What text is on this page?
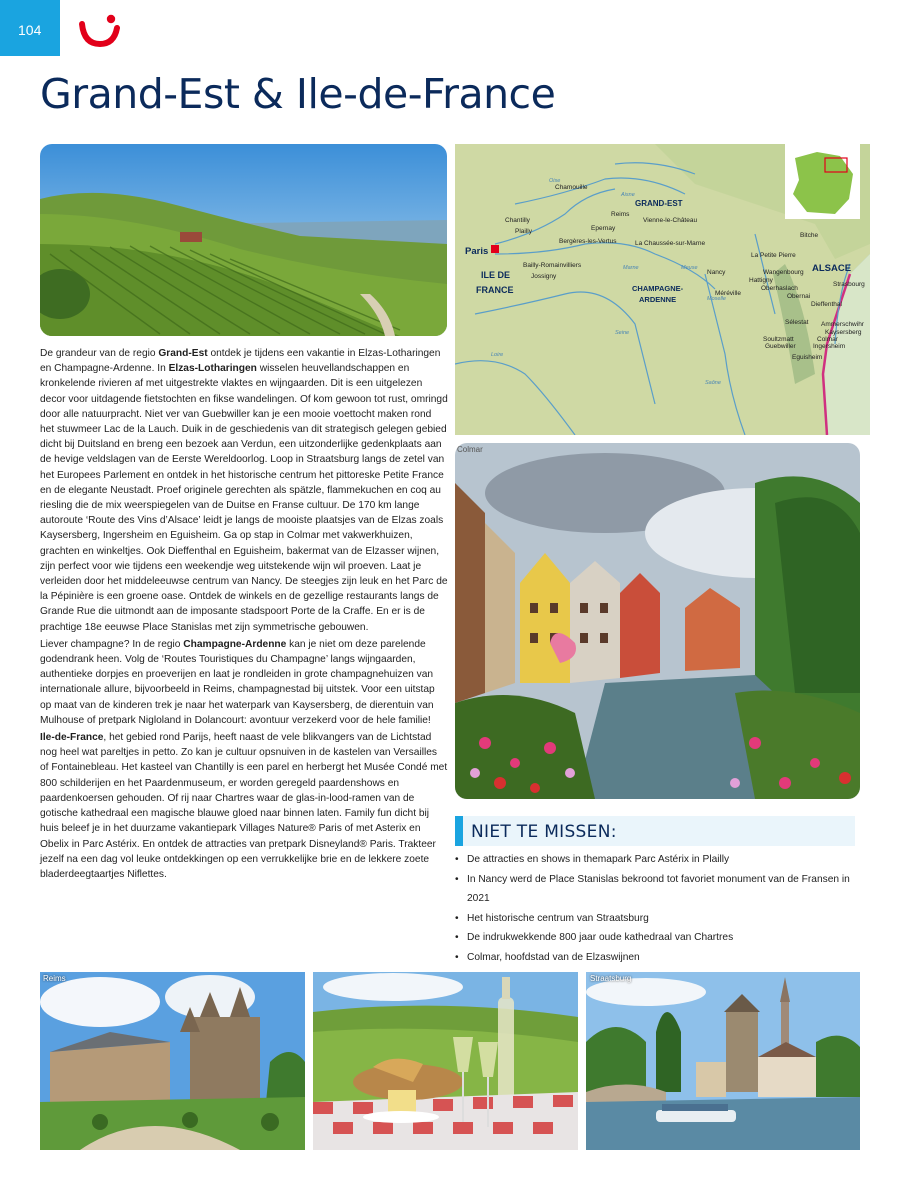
104
Grand-Est & Ile-de-France
Chamouille
Chantilly
Plailly
Reims
Epernay
Vienne-le-Château
Bergères-les-Vertus	La Chaussée-sur-Marne
Bailly-Romainvilliers
Jossigny
Nancy
Méréville
Bitche
La Petite Pierre
Wangenbourg
Hattigny
Oberhaslach
Strasbourg
Obernai
Dieffenthal
Sélestat Ammerschwihr
Kaysersberg
Soultzmatt	Colmar
Guebwiller	Ingersheim
Eguisheim
Oise
Aisne
Marne
Seine
Loire
Moselle
Meuse
Saône
Paris
GRAND-EST
ALSACE
ILE DE
FRANCE	CHAMPAGNE-
ARDENNE

De grandeur van de regio Grand-Est ontdek je tijdens een vakantie in Elzas-Lotharingen en Champagne-Ardenne. In Elzas-Lotharingen wisselen heuvellandschappen en kronkelende rivieren af met uitgestrekte vlaktes en wijngaarden. Dit is een uitgelezen decor voor uitdagende fietstochten en fikse wandelingen. Of kom gewoon tot rust, omringd door alle natuurpracht. Niet ver van Guebwiller kan je een mooie voettocht maken rond het stuwmeer Lac de la Lauch. Duik in de geschiedenis van dit strategisch gelegen gebied dicht bij Duitsland en breng een bezoek aan Verdun, een uitzonderlijke gedenkplaats aan de hevige veldslagen van de Eerste Wereldoorlog. Loop in Straatsburg langs de zetel van het Europees Parlement en ontdek in het historische centrum het pittoreske Petite France en de elegante Neustadt. Proef originele gerechten als spätzle, flammekuchen en coq au riesling die de mix weerspiegelen van de Duitse en Franse cultuur. De 170 km lange autoroute ‘Route des Vins d’Alsace’ leidt je langs de mooiste plaatsjes van de Elzas zoals Kaysersberg, Ingersheim en Eguisheim. Ga op stap in Colmar met vakwerkhuizen, grachten en winkeltjes. Ook Dieffenthal en Eguisheim, bakermat van de Elzasser wijnen, zijn perfect voor wie tijdens een weekendje weg uitstekende wijn wil proeven. Laat je verleiden door het middeleeuwse centrum van Nancy. De steegjes zijn leuk en het Parc de la Pépinière is een groene oase. Ontdek de winkels en de gezellige restaurants langs de Grande Rue die uitmondt aan de imposante stadspoort Porte de la Craffe. En er is de prachtige 18e eeuwse Place Stanislas met zijn symmetrische gebouwen.

Liever champagne? In de regio Champagne-Ardenne kan je niet om deze parelende godendrank heen. Volg de ‘Routes Touristiques du Champagne’ langs wijngaarden, authentieke dorpjes en proeverijen en laat je rondleiden in grote champagnehuizen van internationale allure, bijvoorbeeld in Reims, champagnestad bij uitstek. Voor een uitstap op maat van de kinderen trek je naar het waterpark van Kaysersberg, de dierentuin van Mulhouse of pretpark Nigloland in Dolancourt: avontuur verzekerd voor de hele familie!

Ile-de-France, het gebied rond Parijs, heeft naast de vele blikvangers van de Lichtstad nog heel wat pareltjes in petto. Zo kan je cultuur opsnuiven in de kastelen van Versailles of Fontainebleau. Het kasteel van Chantilly is een parel en herbergt het Musée Condé met 800 schilderijen en het Paardenmuseum, er worden geregeld paardenshows en paardenkoersen gehouden. Of rij naar Chartres waar de glas-in-lood-ramen van de gotische kathedraal een magische blauwe gloed naar binnen laten. Family fun dicht bij huis beleef je in het duurzame vakantiepark Villages Nature® Paris of met Asterix en Obelix in Parc Astérix. En ontdek de attracties van pretpark Disneyland® Paris. Trakteer jezelf na een dag vol leuke ontdekkingen op een verrukkelijke brie en de lekkere zoete bladerdeegtaartjes Niflettes.

Colmar
NIET TE MISSEN:
• De attracties en shows in themapark Parc Astérix in Plailly
• In Nancy werd de Place Stanislas bekroond tot favoriet monument van de Fransen in 2021
• Het historische centrum van Straatsburg
• De indrukwekkende 800 jaar oude kathedraal van Chartres
• Colmar, hoofdstad van de Elzaswijnen
Reims	Straatsburg
